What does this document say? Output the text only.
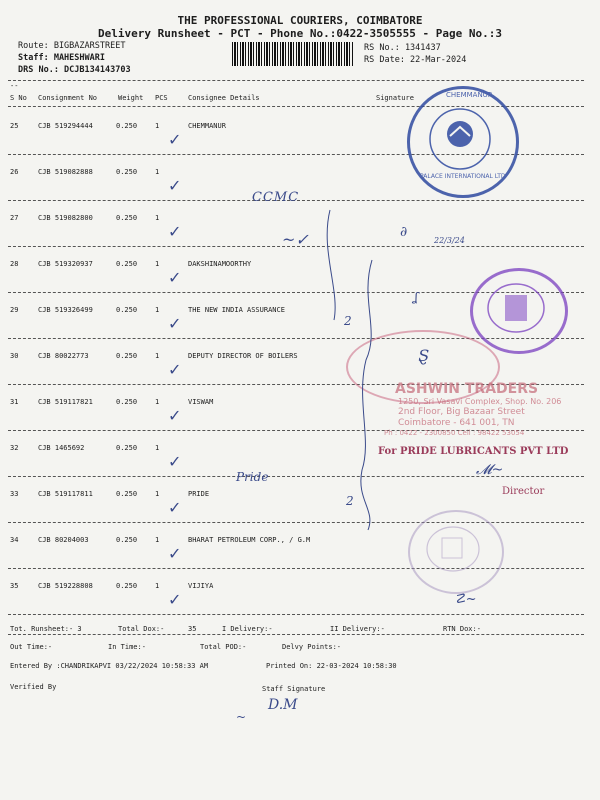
THE PROFESSIONAL COURIERS, COIMBATORE
Delivery Runsheet - PCT - Phone No.:0422-3505555 - Page No.:3
Route: BIGBAZARSTREET
Staff: MAHESHWARI
DRS No.: DCJB134143703
RS No.: 1341437
RS Date: 22-Mar-2024
--
S No Consignment No	Weight PCS	Consignee Details	Signature
25	CJB 519294444	0.250	1	CHEMMANUR
✓
26	CJB 519082888	0.250	1
✓
27	CJB 519082800	0.250	1
✓
28	CJB 519320937	0.250	1	DAKSHINAMOORTHY
✓
29	CJB 519326499	0.250	1	THE NEW INDIA ASSURANCE
✓
30	CJB 80022773	0.250	1	DEPUTY DIRECTOR OF BOILERS
✓
31	CJB 519117821	0.250	1	VISWAM
✓
32	CJB 1465692	0.250	1
✓
33	CJB 519117811	0.250	1	PRIDE
✓
34	CJB 80204003	0.250	1	BHARAT PETROLEUM CORP., / G.M
✓
35	CJB 519228808	0.250	1	VIJIYA
✓
Tot. Runsheet:- 3	Total Dox:-	35	I Delivery:-	II Delivery:-	RTN Dox:-
Out Time:-	In Time:-	Total POD:-	Delvy Points:-
Entered By :CHANDRIKAPVI 03/22/2024 10:58:33 AM	Printed On: 22-03-2024 10:58:30
Verified By	Staff Signature
D.M
~
CHEMMANUR
PALACE INTERNATIONAL LTD
CCMC
~✓	∂
22/3/24
ASHWIN TRADERS
1250, Sri Vasavi Complex, Shop. No. 206
2nd Floor, Big Bazaar Street
Coimbatore - 641 001, TN
Ph : 0422 - 2300850 Cell : 98422 53054
Pride
For PRIDE LUBRICANTS PVT LTD
Director
𝓜~
☡~
2
2
ʆ
Ȿ
